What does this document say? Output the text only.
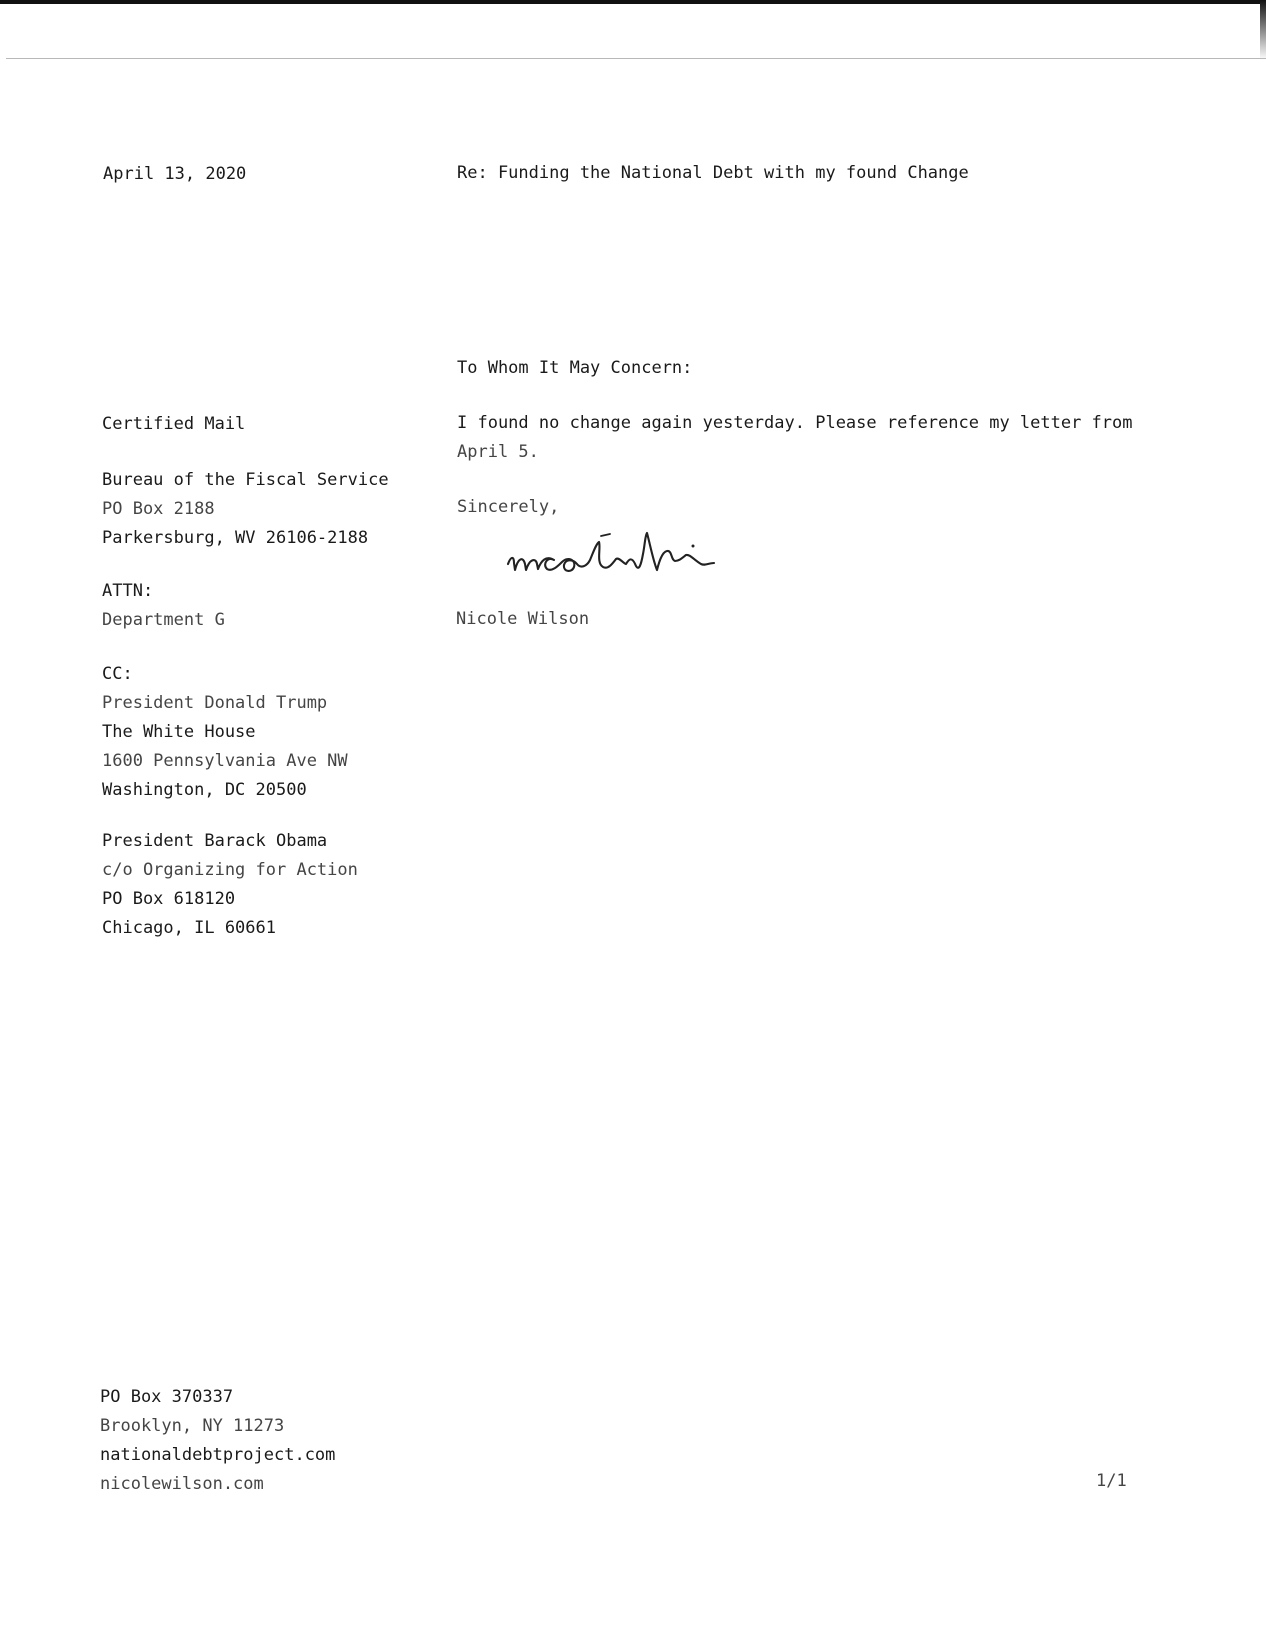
April 13, 2020	Re: Funding the National Debt with my found Change
To Whom It May Concern:
I found no change again yesterday. Please reference my letter from
April 5.
Sincerely,
Nicole Wilson
Certified Mail
Bureau of the Fiscal Service
PO Box 2188
Parkersburg, WV 26106-2188
ATTN:
Department G
CC:
President Donald Trump
The White House
1600 Pennsylvania Ave NW
Washington, DC 20500
President Barack Obama
c/o Organizing for Action
PO Box 618120
Chicago, IL 60661
PO Box 370337
Brooklyn, NY 11273
nationaldebtproject.com
nicolewilson.com	1/1
